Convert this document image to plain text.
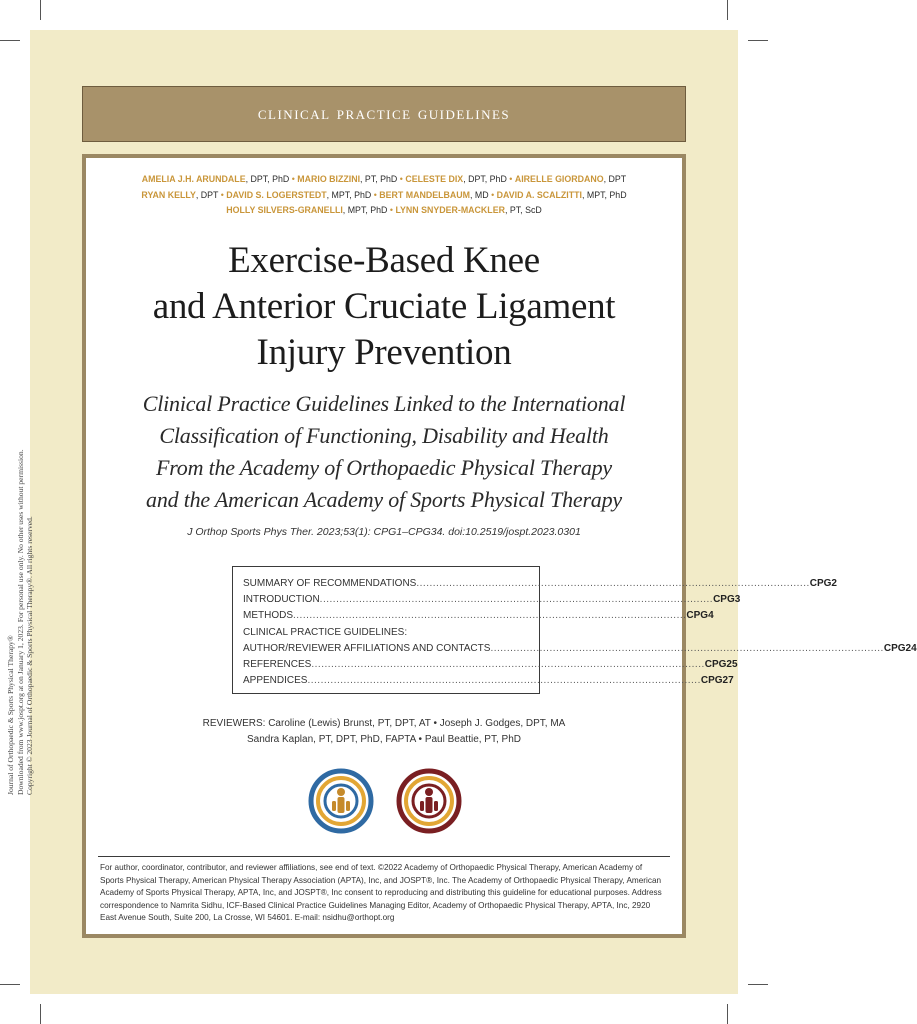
clinical practice guidelines
AMELIA J.H. ARUNDALE, DPT, PhD • MARIO BIZZINI, PT, PhD • CELESTE DIX, DPT, PhD • AIRELLE GIORDANO, DPT
RYAN KELLY, DPT • DAVID S. LOGERSTEDT, MPT, PhD • BERT MANDELBAUM, MD • DAVID A. SCALZITTI, MPT, PhD
HOLLY SILVERS-GRANELLI, MPT, PhD • LYNN SNYDER-MACKLER, PT, ScD
Exercise-Based Knee
and Anterior Cruciate Ligament
Injury Prevention
Clinical Practice Guidelines Linked to the International
Classification of Functioning, Disability and Health
From the Academy of Orthopaedic Physical Therapy
and the American Academy of Sports Physical Therapy
J Orthop Sports Phys Ther. 2023;53(1): CPG1–CPG34. doi:10.2519/jospt.2023.0301
SUMMARY OF RECOMMENDATIONS ........................................................................................................................ CPG2
INTRODUCTION ........................................................................................................................ CPG3
METHODS ........................................................................................................................ CPG4
CLINICAL PRACTICE GUIDELINES:
AUTHOR/REVIEWER AFFILIATIONS AND CONTACTS ........................................................................................................................ CPG24
REFERENCES ........................................................................................................................ CPG25
APPENDICES ........................................................................................................................ CPG27
REVIEWERS: Caroline (Lewis) Brunst, PT, DPT, AT • Joseph J. Godges, DPT, MA
Sandra Kaplan, PT, DPT, PhD, FAPTA • Paul Beattie, PT, PhD
For author, coordinator, contributor, and reviewer affiliations, see end of text. ©2022 Academy of Orthopaedic Physical Therapy, American Academy of Sports Physical Therapy, American Physical Therapy Association (APTA), Inc, and JOSPT®, Inc. The Academy of Orthopaedic Physical Therapy, American Academy of Sports Physical Therapy, APTA, Inc, and JOSPT®, Inc consent to reproducing and distributing this guideline for educational purposes. Address correspondence to Namrita Sidhu, ICF-Based Clinical Practice Guidelines Managing Editor, Academy of Orthopaedic Physical Therapy, APTA, Inc, 2920 East Avenue South, Suite 200, La Crosse, WI 54601. E-mail: nsidhu@orthopt.org
Journal of Orthopaedic & Sports Physical Therapy® Downloaded from www.jospt.org at on January 1, 2023. For personal use only. No other uses without permission. Copyright © 2023 Journal of Orthopaedic & Sports Physical Therapy®. All rights reserved.
